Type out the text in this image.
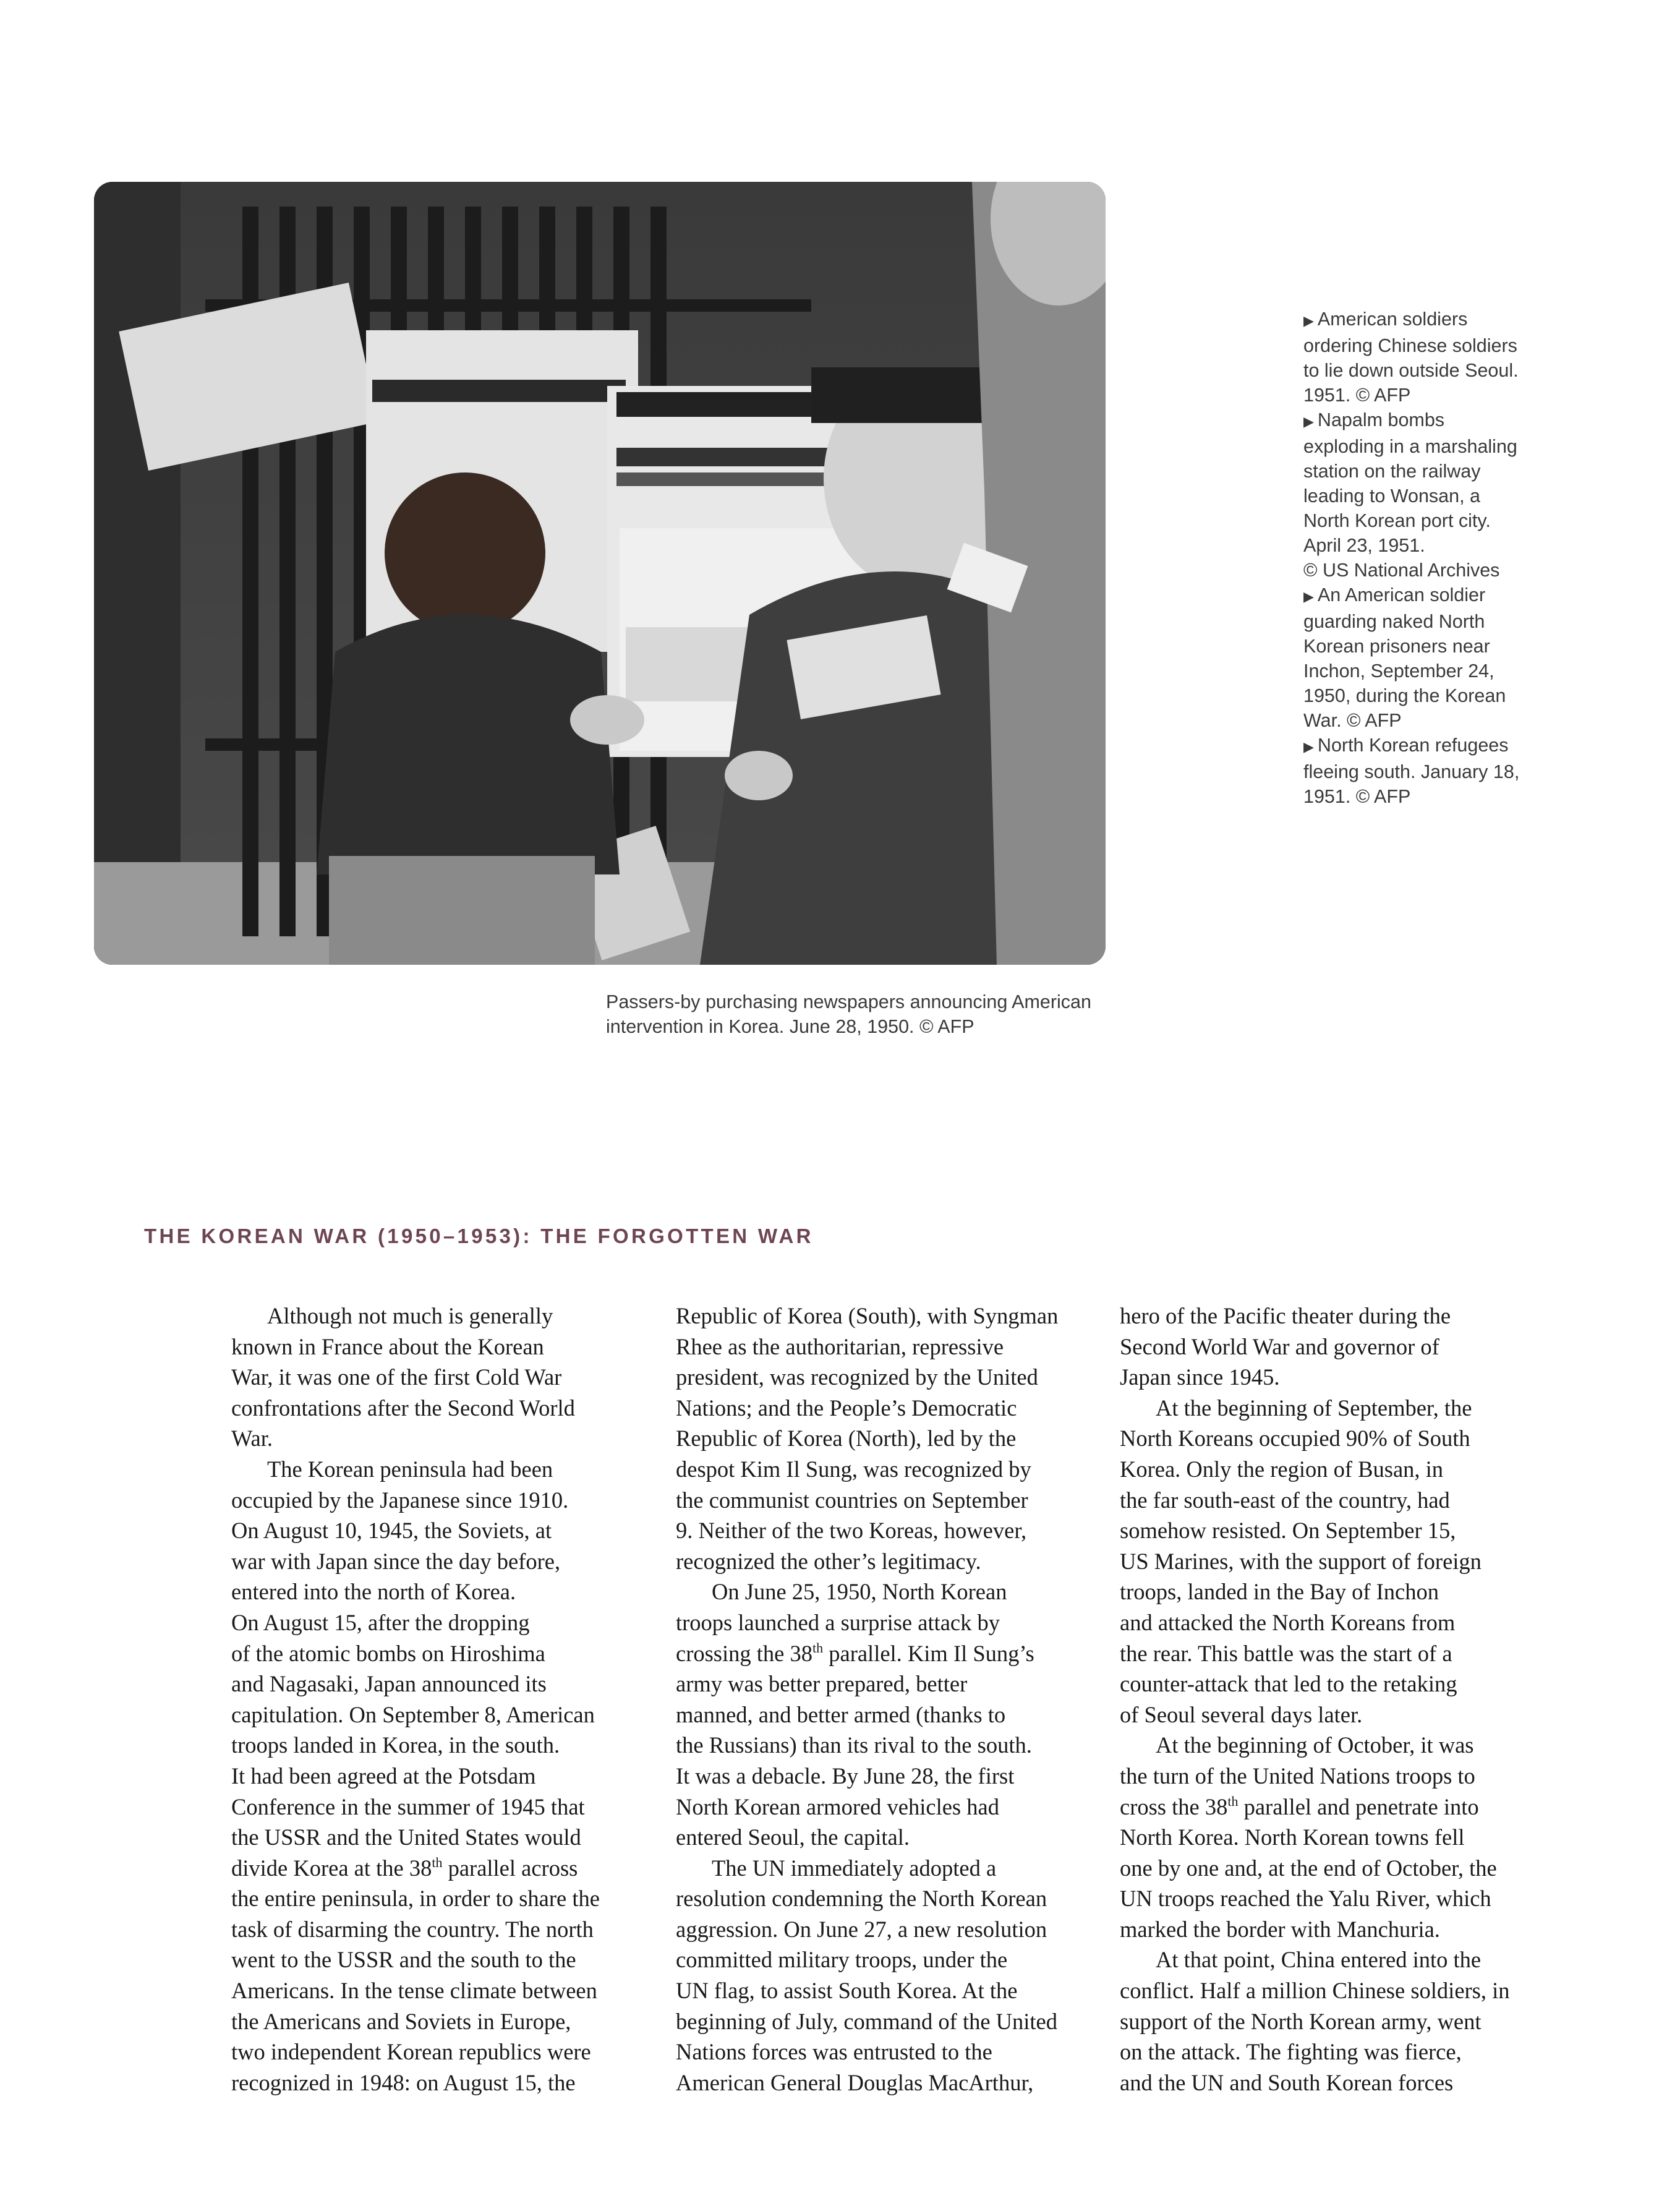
▶ American soldiers
ordering Chinese soldiers
to lie down outside Seoul.
1951. © AFP

▶ Napalm bombs
exploding in a marshaling
station on the railway
leading to Wonsan, a
North Korean port city.
April 23, 1951.
© US National Archives

▶ An American soldier
guarding naked North
Korean prisoners near
Inchon, September 24,
1950, during the Korean
War. © AFP

▶ North Korean refugees
fleeing south. January 18,
1951. © AFP

Passers-by purchasing newspapers announcing American
intervention in Korea. June 28, 1950. © AFP
THE KOREAN WAR (1950–1953): THE FORGOTTEN WAR
Although not much is generally
known in France about the Korean
War, it was one of the first Cold War
confrontations after the Second World
War.
The Korean peninsula had been
occupied by the Japanese since 1910.
On August 10, 1945, the Soviets, at
war with Japan since the day before,
entered into the north of Korea.
On August 15, after the dropping
of the atomic bombs on Hiroshima
and Nagasaki, Japan announced its
capitulation. On September 8, American
troops landed in Korea, in the south.
It had been agreed at the Potsdam
Conference in the summer of 1945 that
the USSR and the United States would
divide Korea at the 38th parallel across
the entire peninsula, in order to share the
task of disarming the country. The north
went to the USSR and the south to the
Americans. In the tense climate between
the Americans and Soviets in Europe,
two independent Korean republics were
recognized in 1948: on August 15, the
Republic of Korea (South), with Syngman
Rhee as the authoritarian, repressive
president, was recognized by the United
Nations; and the People’s Democratic
Republic of Korea (North), led by the
despot Kim Il Sung, was recognized by
the communist countries on September
9. Neither of the two Koreas, however,
recognized the other’s legitimacy.
On June 25, 1950, North Korean
troops launched a surprise attack by
crossing the 38th parallel. Kim Il Sung’s
army was better prepared, better
manned, and better armed (thanks to
the Russians) than its rival to the south.
It was a debacle. By June 28, the first
North Korean armored vehicles had
entered Seoul, the capital.
The UN immediately adopted a
resolution condemning the North Korean
aggression. On June 27, a new resolution
committed military troops, under the
UN flag, to assist South Korea. At the
beginning of July, command of the United
Nations forces was entrusted to the
American General Douglas MacArthur,
hero of the Pacific theater during the
Second World War and governor of
Japan since 1945.
At the beginning of September, the
North Koreans occupied 90% of South
Korea. Only the region of Busan, in
the far south-east of the country, had
somehow resisted. On September 15,
US Marines, with the support of foreign
troops, landed in the Bay of Inchon
and attacked the North Koreans from
the rear. This battle was the start of a
counter-attack that led to the retaking
of Seoul several days later.
At the beginning of October, it was
the turn of the United Nations troops to
cross the 38th parallel and penetrate into
North Korea. North Korean towns fell
one by one and, at the end of October, the
UN troops reached the Yalu River, which
marked the border with Manchuria.
At that point, China entered into the
conflict. Half a million Chinese soldiers, in
support of the North Korean army, went
on the attack. The fighting was fierce,
and the UN and South Korean forces
